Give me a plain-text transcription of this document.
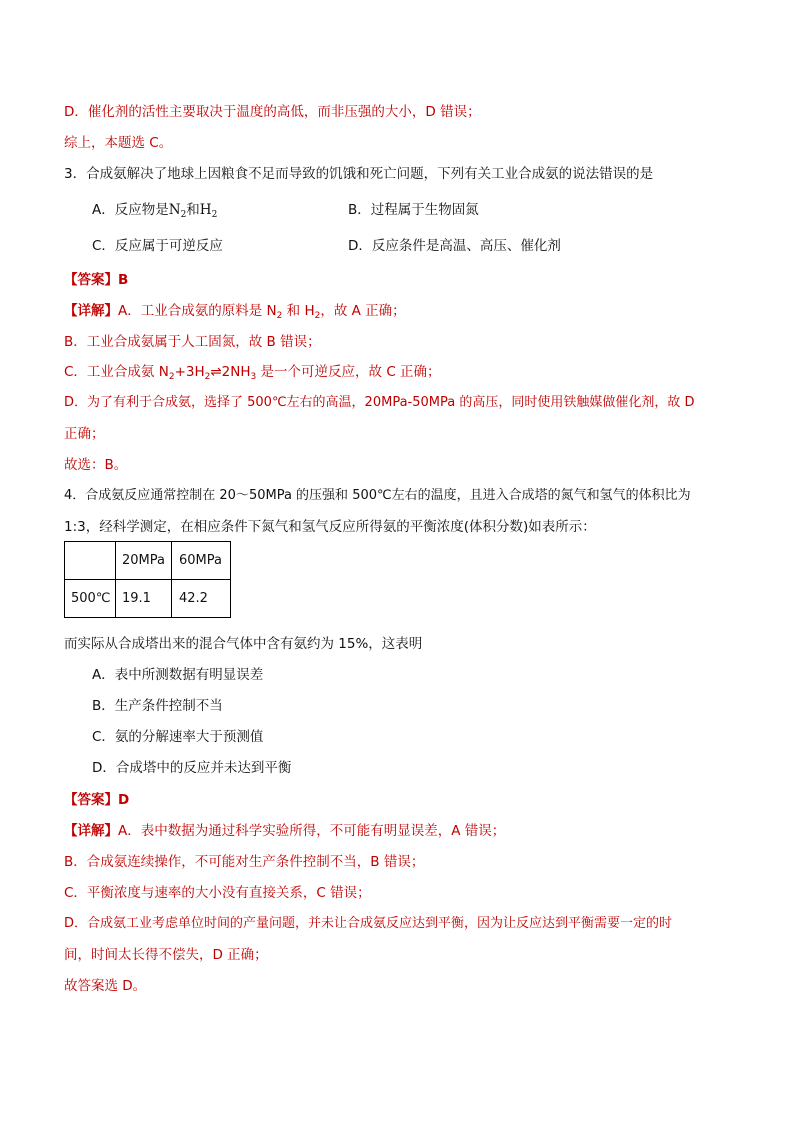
D．催化剂的活性主要取决于温度的高低，而非压强的大小，D 错误；
综上，本题选 C。
3．合成氨解决了地球上因粮食不足而导致的饥饿和死亡问题，下列有关工业合成氨的说法错误的是
A．反应物是$N_2$和$H_2$	B．过程属于生物固氮
C．反应属于可逆反应	D．反应条件是高温、高压、催化剂
【答案】B
【详解】A．工业合成氨的原料是 $N_2$ 和 $H_2$，故 A 正确；
B．工业合成氨属于人工固氮，故 B 错误；
C．工业合成氨 $N_2+3H_2\rightleftharpoons 2NH_3$ 是一个可逆反应，故 C 正确；
D．为了有利于合成氨，选择了 500℃左右的高温，20MPa-50MPa 的高压，同时使用铁触媒做催化剂，故 D
正确；
故选：B。
4．合成氨反应通常控制在 20～50MPa 的压强和 500℃左右的温度，且进入合成塔的氮气和氢气的体积比为
1:3，经科学测定，在相应条件下氮气和氢气反应所得氨的平衡浓度(体积分数)如表所示：
	20MPa	60MPa
500℃	19.1	42.2
而实际从合成塔出来的混合气体中含有氨约为 15%，这表明
A．表中所测数据有明显误差
B．生产条件控制不当
C．氨的分解速率大于预测值
D．合成塔中的反应并未达到平衡
【答案】D
【详解】A．表中数据为通过科学实验所得，不可能有明显误差，A 错误；
B．合成氨连续操作，不可能对生产条件控制不当，B 错误；
C．平衡浓度与速率的大小没有直接关系，C 错误；
D．合成氨工业考虑单位时间的产量问题，并未让合成氨反应达到平衡，因为让反应达到平衡需要一定的时
间，时间太长得不偿失，D 正确；
故答案选 D。
